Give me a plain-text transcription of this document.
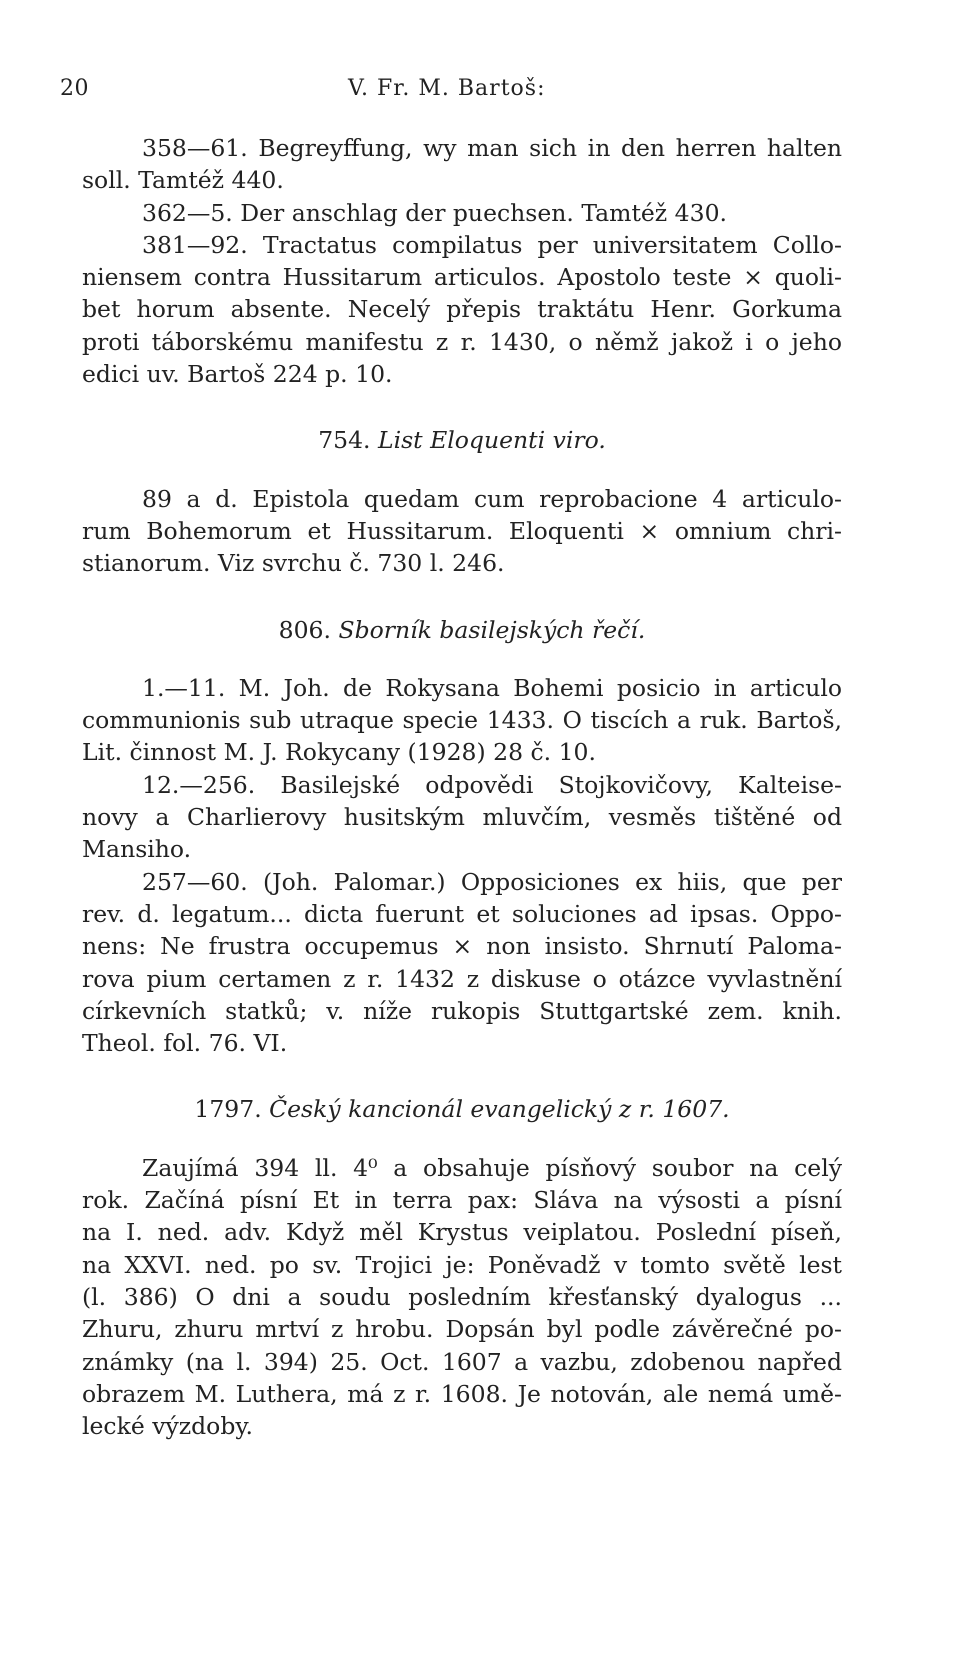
20	V. Fr. M. Bartoš:
358—61. Begreyffung, wy man sich in den herren halten
soll. Tamtéž 440.
362—5. Der anschlag der puechsen. Tamtéž 430.
381—92. Tractatus compilatus per universitatem Collo-
niensem contra Hussitarum articulos. Apostolo teste × quoli-
bet horum absente. Necelý přepis traktátu Henr. Gorkuma
proti táborskému manifestu z r. 1430, o němž jakož i o jeho
edici uv. Bartoš 224 p. 10.
754. List Eloquenti viro.
89 a d. Epistola quedam cum reprobacione 4 articulo-
rum Bohemorum et Hussitarum. Eloquenti × omnium chri-
stianorum. Viz svrchu č. 730 l. 246.
806. Sborník basilejských řečí.
1.—11. M. Joh. de Rokysana Bohemi posicio in articulo
communionis sub utraque specie 1433. O tiscích a ruk. Bartoš,
Lit. činnost M. J. Rokycany (1928) 28 č. 10.
12.—256. Basilejské odpovědi Stojkovičovy, Kalteise-
novy a Charlierovy husitským mluvčím, vesměs tištěné od
Mansiho.
257—60. (Joh. Palomar.) Opposiciones ex hiis, que per
rev. d. legatum... dicta fuerunt et soluciones ad ipsas. Oppo-
nens: Ne frustra occupemus × non insisto. Shrnutí Paloma-
rova pium certamen z r. 1432 z diskuse o otázce vyvlastnění
církevních statků; v. níže rukopis Stuttgartské zem. knih.
Theol. fol. 76. VI.
1797. Český kancionál evangelický z r. 1607.
Zaujímá 394 ll. 4⁰ a obsahuje písňový soubor na celý
rok. Začíná písní Et in terra pax: Sláva na výsosti a písní
na I. ned. adv. Když měl Krystus veiplatou. Poslední píseň,
na XXVI. ned. po sv. Trojici je: Poněvadž v tomto světě lest
(l. 386) O dni a soudu posledním křesťanský dyalogus ...
Zhuru, zhuru mrtví z hrobu. Dopsán byl podle závěrečné po-
známky (na l. 394) 25. Oct. 1607 a vazbu, zdobenou napřed
obrazem M. Luthera, má z r. 1608. Je notován, ale nemá umě-
lecké výzdoby.
